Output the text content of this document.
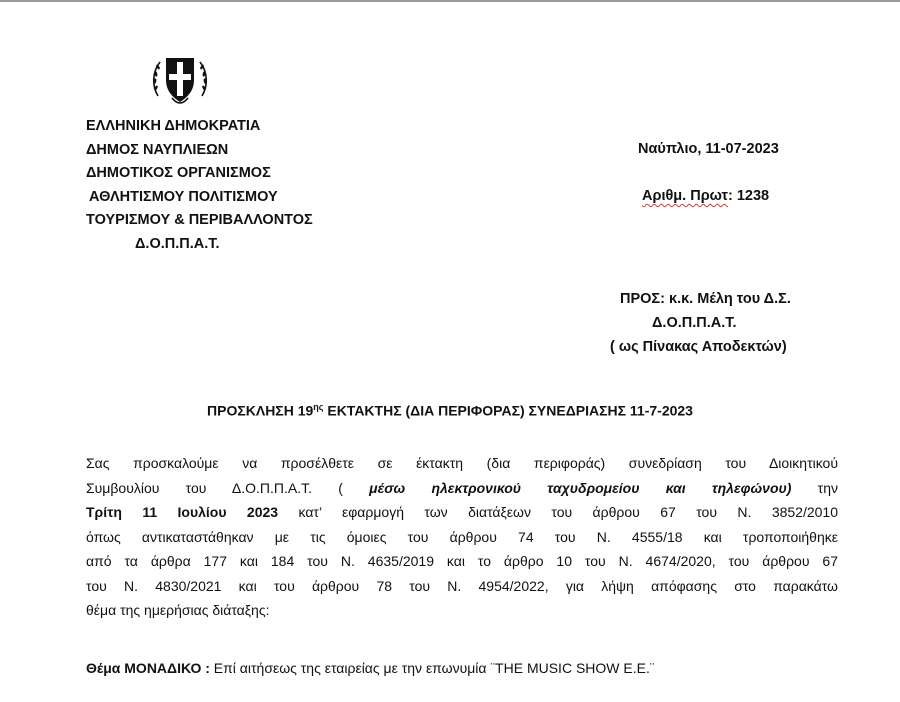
ΕΛΛΗΝΙΚΗ ΔΗΜΟΚΡΑΤΙΑ
ΔΗΜΟΣ ΝΑΥΠΛΙΕΩΝ
ΔΗΜΟΤΙΚΟΣ ΟΡΓΑΝΙΣΜΟΣ
ΑΘΛΗΤΙΣΜΟΥ ΠΟΛΙΤΙΣΜΟΥ
ΤΟΥΡΙΣΜΟΥ & ΠΕΡΙΒΑΛΛΟΝΤΟΣ
Δ.Ο.Π.Π.Α.Τ.
Ναύπλιο, 11-07-2023
Αριθμ. Πρωτ: 1238
ΠΡΟΣ: κ.κ. Μέλη του Δ.Σ.
Δ.Ο.Π.Π.Α.Τ.
( ως Πίνακας Αποδεκτών)
ΠΡΟΣΚΛΗΣΗ $19^{\eta\varsigma}$ ΕΚΤΑΚΤΗΣ (ΔΙΑ ΠΕΡΙΦΟΡΑΣ) ΣΥΝΕΔΡΙΑΣΗΣ 11-7-2023
Σας προσκαλούμε να προσέλθετε σε έκτακτη (δια περιφοράς) συνεδρίαση του Διοικητικού
Συμβουλίου του Δ.Ο.Π.Π.Α.Τ. ( μέσω ηλεκτρονικού ταχυδρομείου και τηλεφώνου) την
Τρίτη 11 Ιουλίου 2023 κατ’ εφαρμογή των διατάξεων του άρθρου 67 του Ν. 3852/2010
όπως αντικαταστάθηκαν με τις όμοιες του άρθρου 74 του Ν. 4555/18 και τροποποιήθηκε
από τα άρθρα 177 και 184 του Ν. 4635/2019 και το άρθρο 10 του Ν. 4674/2020, του άρθρου 67
του Ν. 4830/2021 και του άρθρου 78 του Ν. 4954/2022, για λήψη απόφασης στο παρακάτω
θέμα της ημερήσιας διάταξης:
Θέμα ΜΟΝΑΔΙΚΟ : Επί αιτήσεως της εταιρείας με την επωνυμία ¨THE MUSIC SHOW E.E.¨
